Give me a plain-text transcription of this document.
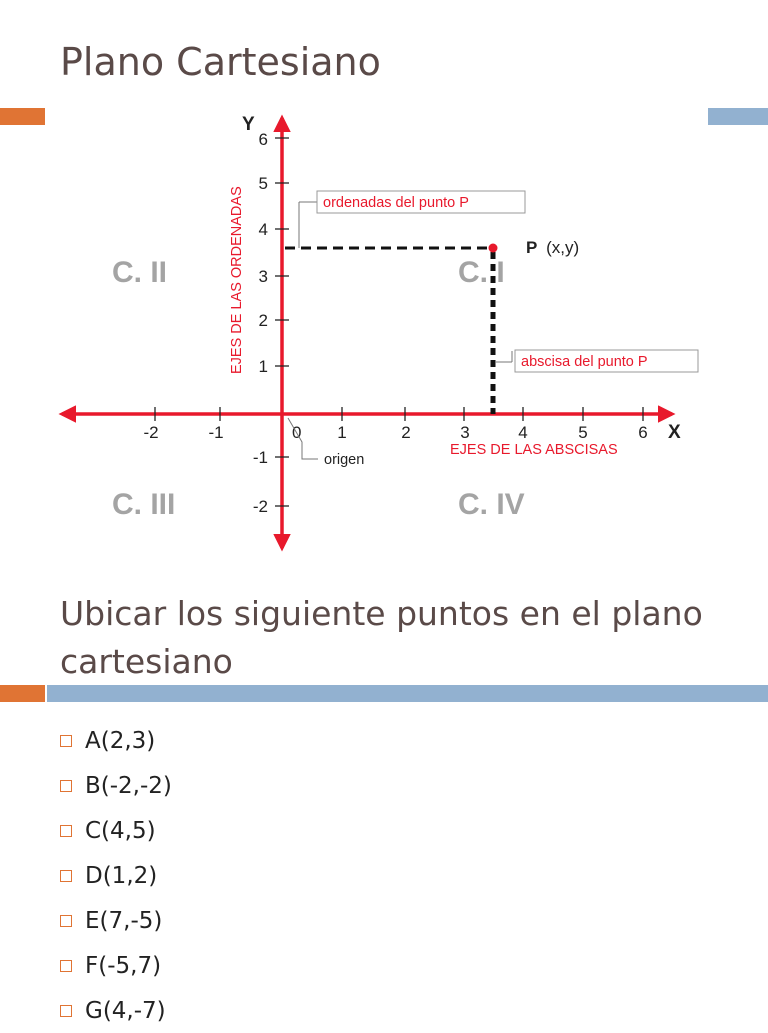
Plano Cartesiano
C. II	C. I
C. III	C. IV
-2	-1	1	2	3	4	5	6
0
1
2
3
4
5
6
-1
-2
Y
X
EJES DE LAS ORDENADAS
EJES DE LAS ABSCISAS
P (x,y)
ordenadas del punto P
abscisa del punto P
origen
Ubicar los siguiente puntos en el plano cartesiano
A(2,3)
B(-2,-2)
C(4,5)
D(1,2)
E(7,-5)
F(-5,7)
G(4,-7)
